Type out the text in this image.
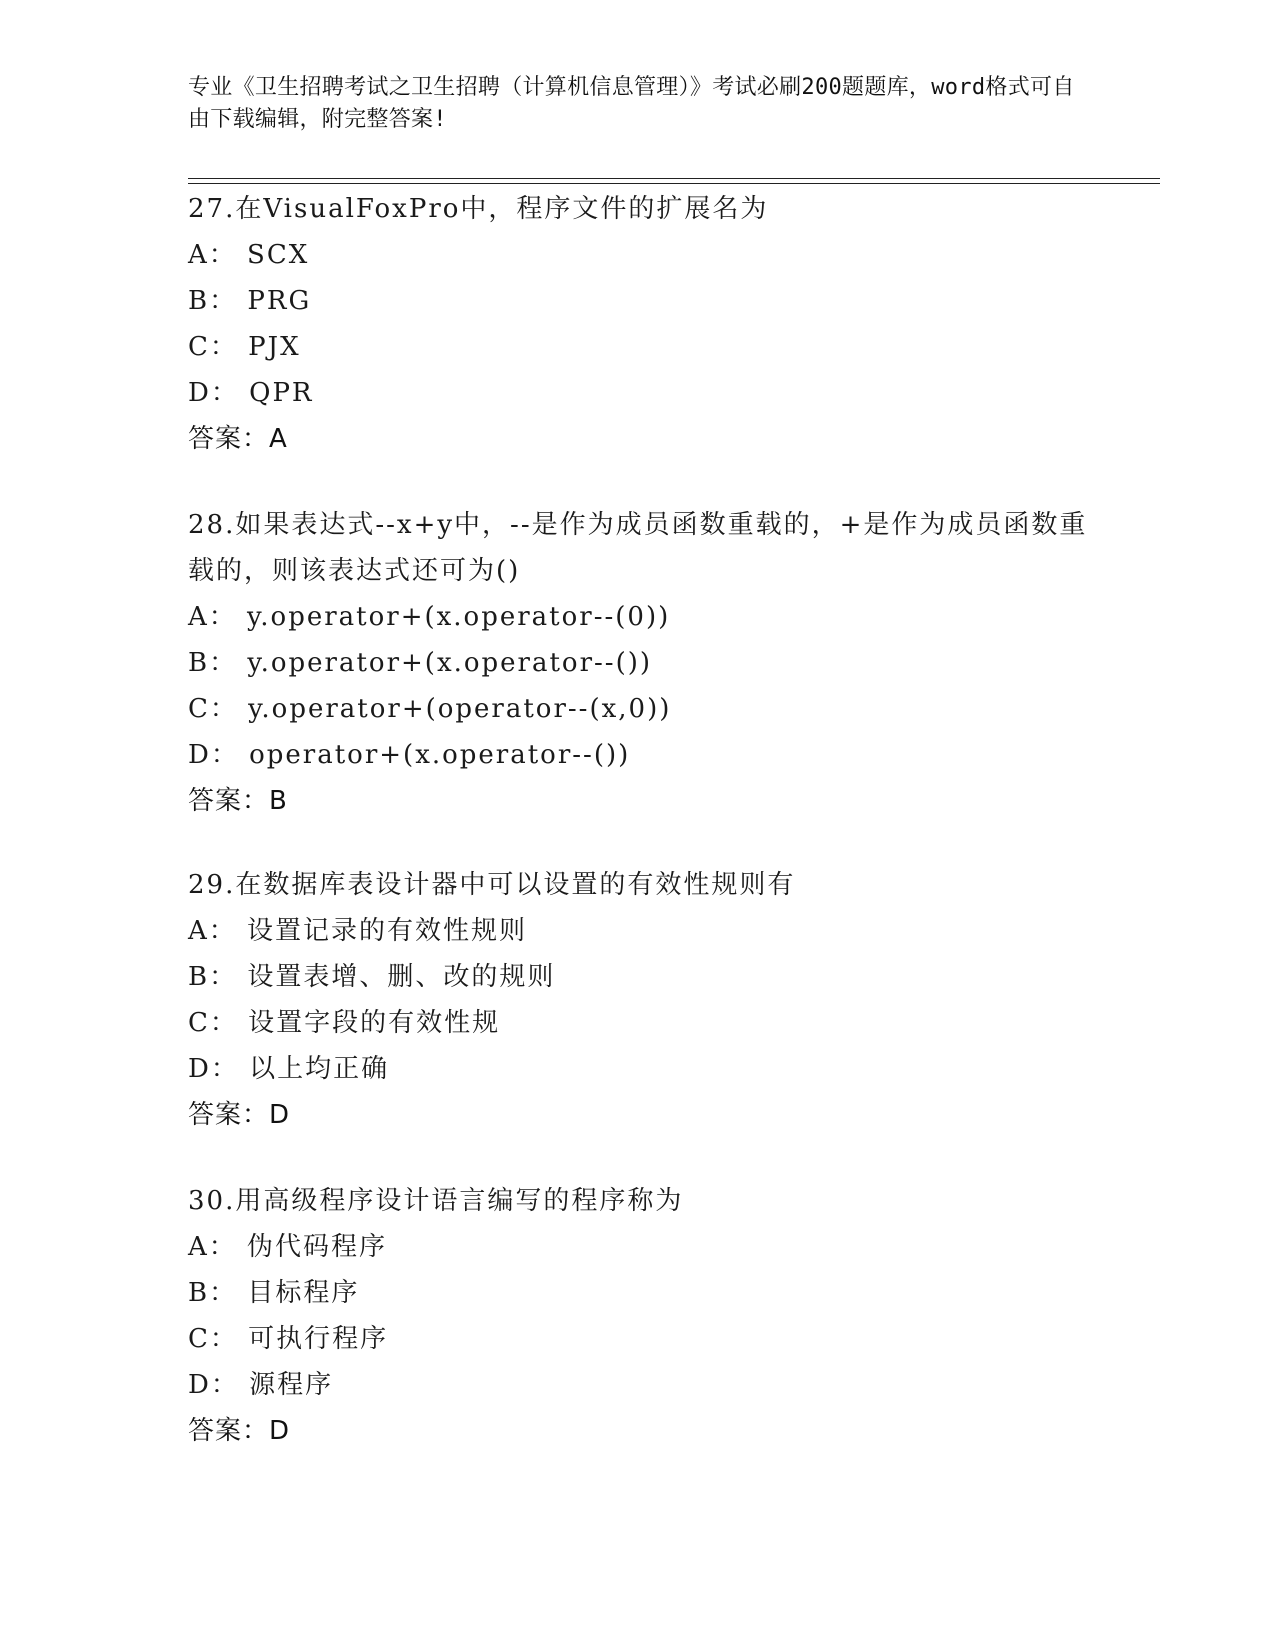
专业《卫生招聘考试之卫生招聘（计算机信息管理）》考试必刷200题题库，word格式可自由下载编辑，附完整答案!
27.在VisualFoxPro中，程序文件的扩展名为
A： SCX
B： PRG
C： PJX
D： QPR
答案：A
28.如果表达式--x+y中，--是作为成员函数重载的，+是作为成员函数重载的，则该表达式还可为()
A： y.operator+(x.operator--(0))
B： y.operator+(x.operator--())
C： y.operator+(operator--(x,0))
D： operator+(x.operator--())
答案：B
29.在数据库表设计器中可以设置的有效性规则有
A： 设置记录的有效性规则
B： 设置表增、删、改的规则
C： 设置字段的有效性规
D： 以上均正确
答案：D
30.用高级程序设计语言编写的程序称为
A： 伪代码程序
B： 目标程序
C： 可执行程序
D： 源程序
答案：D
